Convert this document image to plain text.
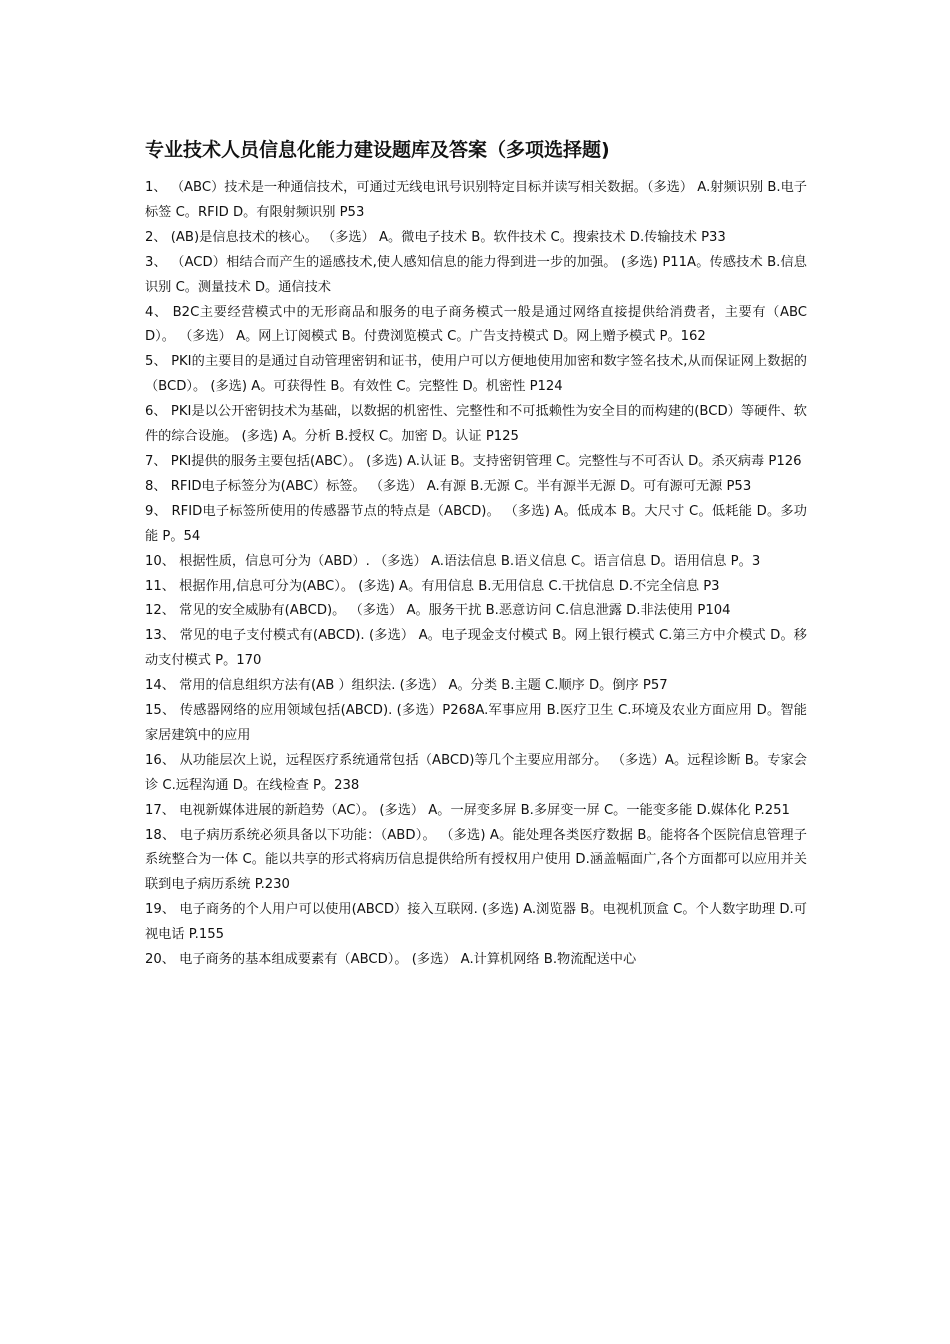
专业技术人员信息化能力建设题库及答案（多项选择题)
1、 （ABC）技术是一种通信技术，可通过无线电讯号识别特定目标并读写相关数据。（多选） A.射频识别 B.电子标签 C。RFID D。有限射频识别 P53
2、 (AB)是信息技术的核心。 （多选） A。微电子技术 B。软件技术 C。搜索技术 D.传输技术 P33
3、 （ACD）相结合而产生的遥感技术,使人感知信息的能力得到进一步的加强。 (多选) P11A。传感技术 B.信息识别 C。测量技术 D。通信技术
4、 B2C主要经营模式中的无形商品和服务的电子商务模式一般是通过网络直接提供给消费者，主要有（ABCD）。 （多选） A。网上订阅模式 B。付费浏览模式 C。广告支持模式 D。网上赠予模式 P。162
5、 PKI的主要目的是通过自动管理密钥和证书，使用户可以方便地使用加密和数字签名技术,从而保证网上数据的（BCD）。 (多选) A。可获得性 B。有效性 C。完整性 D。机密性 P124
6、 PKI是以公开密钥技术为基础，以数据的机密性、完整性和不可抵赖性为安全目的而构建的(BCD）等硬件、软件的综合设施。 (多选) A。分析 B.授权 C。加密 D。认证 P125
7、 PKI提供的服务主要包括(ABC）。 (多选) A.认证 B。支持密钥管理 C。完整性与不可否认 D。杀灭病毒 P126
8、 RFID电子标签分为(ABC）标签。 （多选） A.有源 B.无源 C。半有源半无源 D。可有源可无源 P53
9、 RFID电子标签所使用的传感器节点的特点是（ABCD)。 （多选) A。低成本 B。大尺寸 C。低耗能 D。多功能 P。54
10、 根据性质，信息可分为（ABD）. （多选） A.语法信息 B.语义信息 C。语言信息 D。语用信息 P。3
11、 根据作用,信息可分为(ABC）。 (多选) A。有用信息 B.无用信息 C.干扰信息 D.不完全信息 P3
12、 常见的安全威胁有(ABCD)。 （多选） A。服务干扰 B.恶意访问 C.信息泄露 D.非法使用 P104
13、 常见的电子支付模式有(ABCD). (多选） A。电子现金支付模式 B。网上银行模式 C.第三方中介模式 D。移动支付模式 P。170
14、 常用的信息组织方法有(AB ）组织法. (多选） A。分类 B.主题 C.顺序 D。倒序 P57
15、 传感器网络的应用领域包括(ABCD). (多选）P268A.军事应用 B.医疗卫生 C.环境及农业方面应用 D。智能家居建筑中的应用
16、 从功能层次上说，远程医疗系统通常包括（ABCD)等几个主要应用部分。 （多选）A。远程诊断 B。专家会诊 C.远程沟通 D。在线检查 P。238
17、 电视新媒体进展的新趋势（AC）。 (多选） A。一屏变多屏 B.多屏变一屏 C。一能变多能 D.媒体化 P.251
18、 电子病历系统必须具备以下功能：（ABD）。 （多选) A。能处理各类医疗数据 B。能将各个医院信息管理子系统整合为一体 C。能以共享的形式将病历信息提供给所有授权用户使用 D.涵盖幅面广,各个方面都可以应用并关联到电子病历系统 P.230
19、 电子商务的个人用户可以使用(ABCD）接入互联网. (多选) A.浏览器 B。电视机顶盒 C。个人数字助理 D.可视电话 P.155
20、 电子商务的基本组成要素有（ABCD）。 (多选） A.计算机网络 B.物流配送中心
